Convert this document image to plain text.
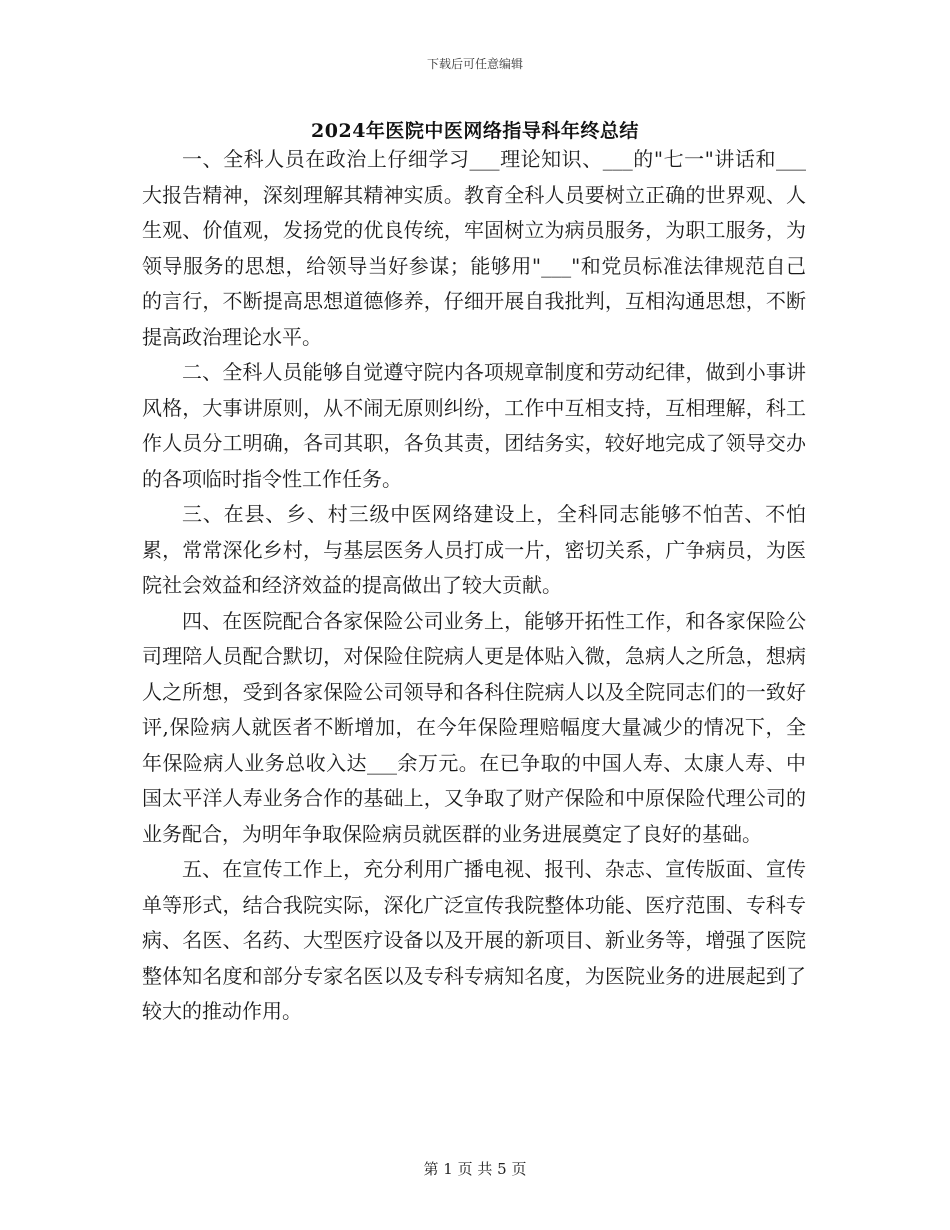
下载后可任意编辑
2024年医院中医网络指导科年终总结

一、全科人员在政治上仔细学习___理论知识、___的"七一"讲话和___大报告精神，深刻理解其精神实质。教育全科人员要树立正确的世界观、人生观、价值观，发扬党的优良传统，牢固树立为病员服务，为职工服务，为领导服务的思想，给领导当好参谋；能够用"___"和党员标准法律规范自己的言行，不断提高思想道德修养，仔细开展自我批判，互相沟通思想，不断提高政治理论水平。

二、全科人员能够自觉遵守院内各项规章制度和劳动纪律，做到小事讲风格，大事讲原则，从不闹无原则纠纷，工作中互相支持，互相理解，科工作人员分工明确，各司其职，各负其责，团结务实，较好地完成了领导交办的各项临时指令性工作任务。

三、在县、乡、村三级中医网络建设上，全科同志能够不怕苦、不怕累，常常深化乡村，与基层医务人员打成一片，密切关系，广争病员，为医院社会效益和经济效益的提高做出了较大贡献。

四、在医院配合各家保险公司业务上，能够开拓性工作，和各家保险公司理陪人员配合默切，对保险住院病人更是体贴入微，急病人之所急，想病人之所想，受到各家保险公司领导和各科住院病人以及全院同志们的一致好评,保险病人就医者不断增加，在今年保险理赔幅度大量减少的情况下，全年保险病人业务总收入达___余万元。在已争取的中国人寿、太康人寿、中国太平洋人寿业务合作的基础上，又争取了财产保险和中原保险代理公司的业务配合，为明年争取保险病员就医群的业务进展奠定了良好的基础。

五、在宣传工作上，充分利用广播电视、报刊、杂志、宣传版面、宣传单等形式，结合我院实际，深化广泛宣传我院整体功能、医疗范围、专科专病、名医、名药、大型医疗设备以及开展的新项目、新业务等，增强了医院整体知名度和部分专家名医以及专科专病知名度，为医院业务的进展起到了较大的推动作用。

第 1 页 共 5 页
